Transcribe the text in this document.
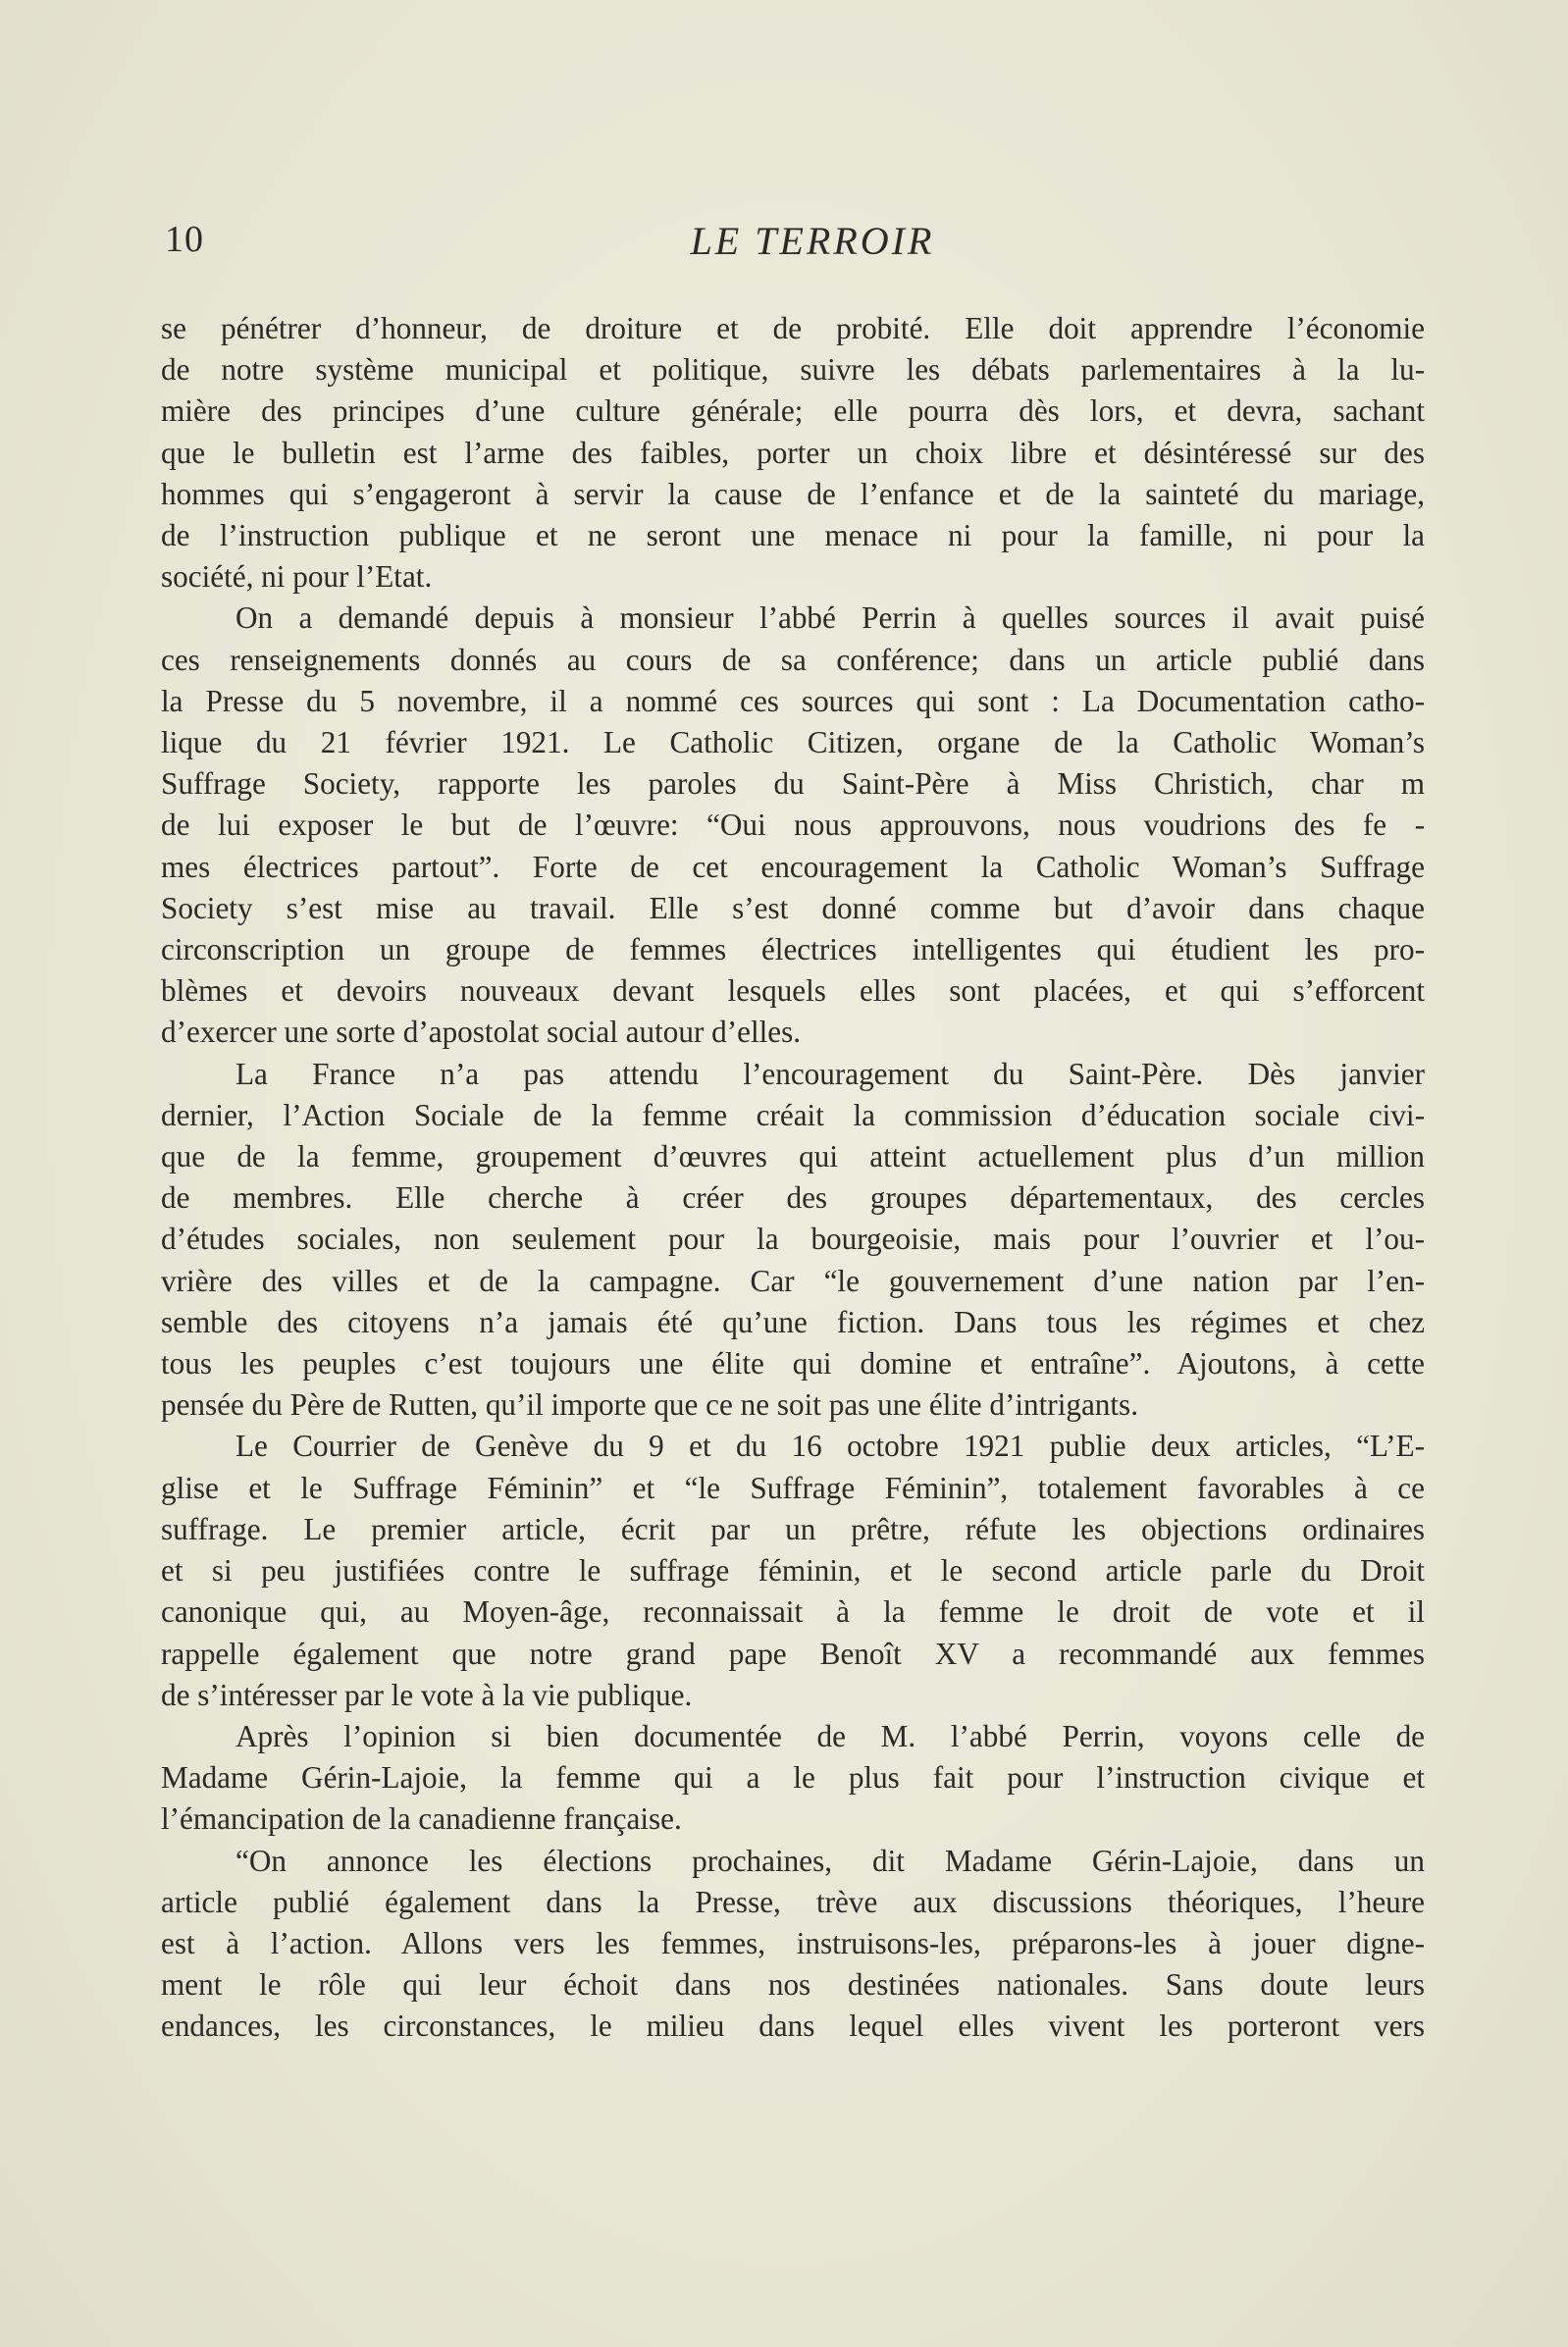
10	LE TERROIR
se pénétrer d’honneur, de droiture et de probité. Elle doit apprendre l’économie
de notre système municipal et politique, suivre les débats parlementaires à la lu-
mière des principes d’une culture générale; elle pourra dès lors, et devra, sachant
que le bulletin est l’arme des faibles, porter un choix libre et désintéressé sur des
hommes qui s’engageront à servir la cause de l’enfance et de la sainteté du mariage,
de l’instruction publique et ne seront une menace ni pour la famille, ni pour la
société, ni pour l’Etat.
On a demandé depuis à monsieur l’abbé Perrin à quelles sources il avait puisé
ces renseignements donnés au cours de sa conférence; dans un article publié dans
la Presse du 5 novembre, il a nommé ces sources qui sont : La Documentation catho-
lique du 21 février 1921. Le Catholic Citizen, organe de la Catholic Woman’s
Suffrage Society, rapporte les paroles du Saint-Père à Miss Christich, char m
de lui exposer le but de l’œuvre: “Oui nous approuvons, nous voudrions des fe -
mes électrices partout”. Forte de cet encouragement la Catholic Woman’s Suffrage
Society s’est mise au travail. Elle s’est donné comme but d’avoir dans chaque
circonscription un groupe de femmes électrices intelligentes qui étudient les pro-
blèmes et devoirs nouveaux devant lesquels elles sont placées, et qui s’efforcent
d’exercer une sorte d’apostolat social autour d’elles.
La France n’a pas attendu l’encouragement du Saint-Père. Dès janvier
dernier, l’Action Sociale de la femme créait la commission d’éducation sociale civi-
que de la femme, groupement d’œuvres qui atteint actuellement plus d’un million
de membres. Elle cherche à créer des groupes départementaux, des cercles
d’études sociales, non seulement pour la bourgeoisie, mais pour l’ouvrier et l’ou-
vrière des villes et de la campagne. Car “le gouvernement d’une nation par l’en-
semble des citoyens n’a jamais été qu’une fiction. Dans tous les régimes et chez
tous les peuples c’est toujours une élite qui domine et entraîne”. Ajoutons, à cette
pensée du Père de Rutten, qu’il importe que ce ne soit pas une élite d’intrigants.
Le Courrier de Genève du 9 et du 16 octobre 1921 publie deux articles, “L’E-
glise et le Suffrage Féminin” et “le Suffrage Féminin”, totalement favorables à ce
suffrage. Le premier article, écrit par un prêtre, réfute les objections ordinaires
et si peu justifiées contre le suffrage féminin, et le second article parle du Droit
canonique qui, au Moyen-âge, reconnaissait à la femme le droit de vote et il
rappelle également que notre grand pape Benoît XV a recommandé aux femmes
de s’intéresser par le vote à la vie publique.
Après l’opinion si bien documentée de M. l’abbé Perrin, voyons celle de
Madame Gérin-Lajoie, la femme qui a le plus fait pour l’instruction civique et
l’émancipation de la canadienne française.
“On annonce les élections prochaines, dit Madame Gérin-Lajoie, dans un
article publié également dans la Presse, trève aux discussions théoriques, l’heure
est à l’action. Allons vers les femmes, instruisons-les, préparons-les à jouer digne-
ment le rôle qui leur échoit dans nos destinées nationales. Sans doute leurs
endances, les circonstances, le milieu dans lequel elles vivent les porteront vers
